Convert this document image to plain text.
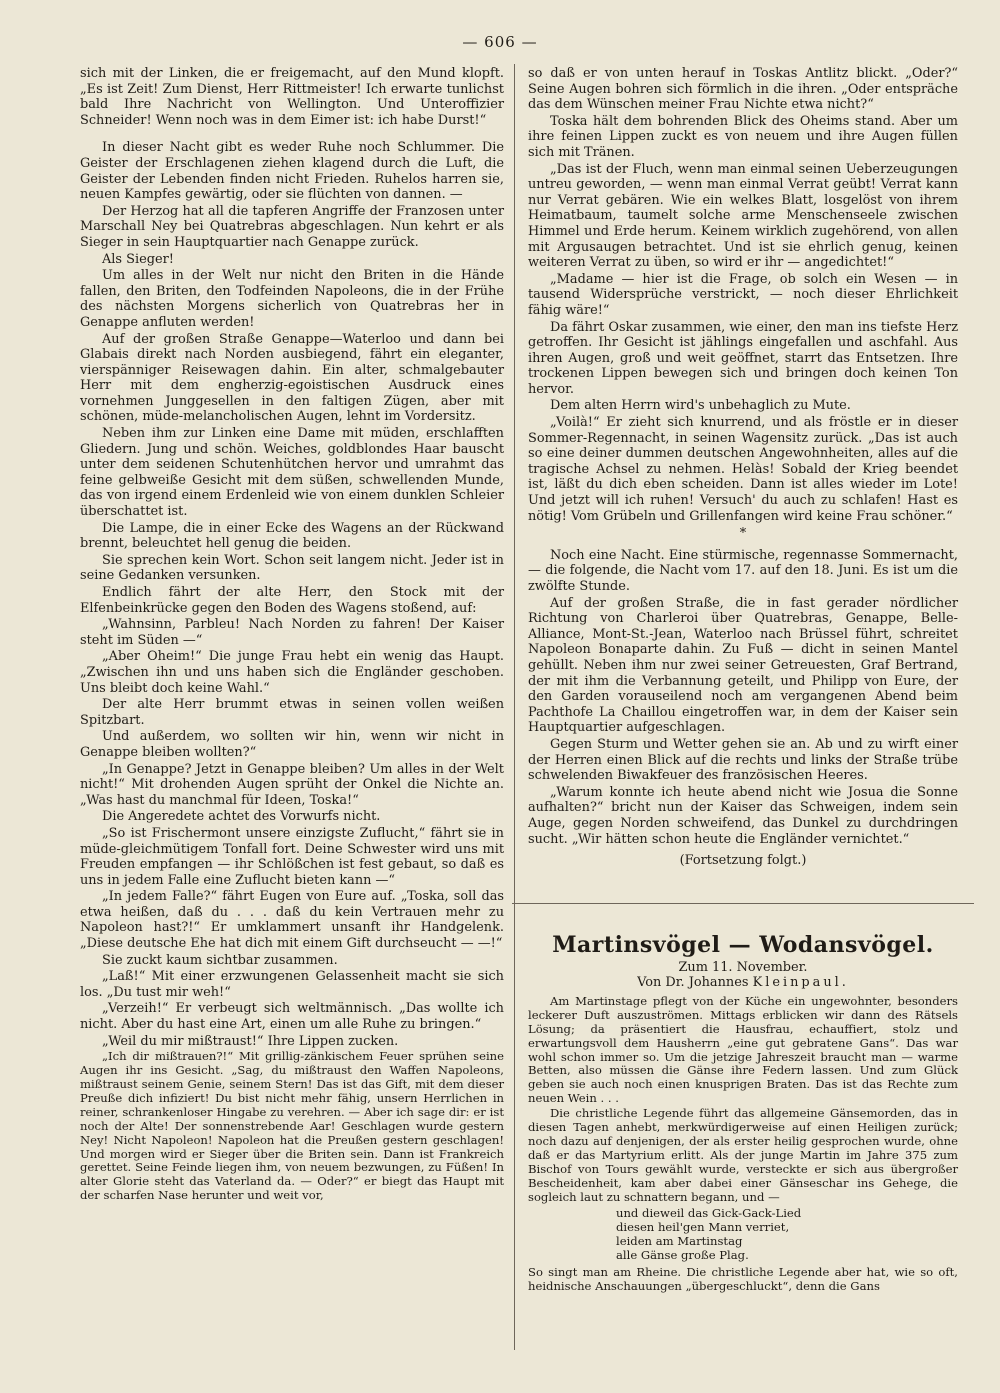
— 606 —

sich mit der Linken, die er freigemacht, auf den Mund klopft. „Es ist Zeit! Zum Dienst, Herr Rittmeister! Ich erwarte tunlichst bald Ihre Nachricht von Wellington. Und Unteroffizier Schneider! Wenn noch was in dem Eimer ist: ich habe Durst!“

In dieser Nacht gibt es weder Ruhe noch Schlummer. Die Geister der Erschlagenen ziehen klagend durch die Luft, die Geister der Lebenden finden nicht Frieden. Ruhelos harren sie, neuen Kampfes gewärtig, oder sie flüchten von dannen. —

Der Herzog hat all die tapferen Angriffe der Franzosen unter Marschall Ney bei Quatrebras abgeschlagen. Nun kehrt er als Sieger in sein Hauptquartier nach Genappe zurück.

Als Sieger!

Um alles in der Welt nur nicht den Briten in die Hände fallen, den Briten, den Todfeinden Napoleons, die in der Frühe des nächsten Morgens sicherlich von Quatrebras her in Genappe anfluten werden!

Auf der großen Straße Genappe—Waterloo und dann bei Glabais direkt nach Norden ausbiegend, fährt ein eleganter, vierspänniger Reisewagen dahin. Ein alter, schmalgebauter Herr mit dem engherzig-egoistischen Ausdruck eines vornehmen Junggesellen in den faltigen Zügen, aber mit schönen, müde-melancholischen Augen, lehnt im Vordersitz.

Neben ihm zur Linken eine Dame mit müden, erschlafften Gliedern. Jung und schön. Weiches, goldblondes Haar bauscht unter dem seidenen Schutenhütchen hervor und umrahmt das feine gelbweiße Gesicht mit dem süßen, schwellenden Munde, das von irgend einem Erdenleid wie von einem dunklen Schleier überschattet ist.

Die Lampe, die in einer Ecke des Wagens an der Rückwand brennt, beleuchtet hell genug die beiden.

Sie sprechen kein Wort. Schon seit langem nicht. Jeder ist in seine Gedanken versunken.

Endlich fährt der alte Herr, den Stock mit der Elfenbeinkrücke gegen den Boden des Wagens stoßend, auf:

„Wahnsinn, Parbleu! Nach Norden zu fahren! Der Kaiser steht im Süden —“

„Aber Oheim!“ Die junge Frau hebt ein wenig das Haupt. „Zwischen ihn und uns haben sich die Engländer geschoben. Uns bleibt doch keine Wahl.“

Der alte Herr brummt etwas in seinen vollen weißen Spitzbart.

Und außerdem, wo sollten wir hin, wenn wir nicht in Genappe bleiben wollten?“

„In Genappe? Jetzt in Genappe bleiben? Um alles in der Welt nicht!“ Mit drohenden Augen sprüht der Onkel die Nichte an. „Was hast du manchmal für Ideen, Toska!“

Die Angeredete achtet des Vorwurfs nicht.

„So ist Frischermont unsere einzigste Zuflucht,“ fährt sie in müde-gleichmütigem Tonfall fort. Deine Schwester wird uns mit Freuden empfangen — ihr Schlößchen ist fest gebaut, so daß es uns in jedem Falle eine Zuflucht bieten kann —“

„In jedem Falle?“ fährt Eugen von Eure auf. „Toska, soll das etwa heißen, daß du . . . daß du kein Vertrauen mehr zu Napoleon hast?!“ Er umklammert unsanft ihr Handgelenk. „Diese deutsche Ehe hat dich mit einem Gift durchseucht — —!“

Sie zuckt kaum sichtbar zusammen.

„Laß!“ Mit einer erzwungenen Gelassenheit macht sie sich los. „Du tust mir weh!“

„Verzeih!“ Er verbeugt sich weltmännisch. „Das wollte ich nicht. Aber du hast eine Art, einen um alle Ruhe zu bringen.“

„Weil du mir mißtraust!“ Ihre Lippen zucken.

„Ich dir mißtrauen?!“ Mit grillig-zänkischem Feuer sprühen seine Augen ihr ins Gesicht. „Sag, du mißtraust den Waffen Napoleons, mißtraust seinem Genie, seinem Stern! Das ist das Gift, mit dem dieser Preuße dich infiziert! Du bist nicht mehr fähig, unsern Herrlichen in reiner, schrankenloser Hingabe zu verehren. — Aber ich sage dir: er ist noch der Alte! Der sonnenstrebende Aar! Geschlagen wurde gestern Ney! Nicht Napoleon! Napoleon hat die Preußen gestern geschlagen! Und morgen wird er Sieger über die Briten sein. Dann ist Frankreich gerettet. Seine Feinde liegen ihm, von neuem bezwungen, zu Füßen! In alter Glorie steht das Vaterland da. — Oder?“ er biegt das Haupt mit der scharfen Nase herunter und weit vor,

so daß er von unten herauf in Toskas Antlitz blickt. „Oder?“ Seine Augen bohren sich förmlich in die ihren. „Oder entspräche das dem Wünschen meiner Frau Nichte etwa nicht?“

Toska hält dem bohrenden Blick des Oheims stand. Aber um ihre feinen Lippen zuckt es von neuem und ihre Augen füllen sich mit Tränen.

„Das ist der Fluch, wenn man einmal seinen Ueberzeugungen untreu geworden, — wenn man einmal Verrat geübt! Verrat kann nur Verrat gebären. Wie ein welkes Blatt, losgelöst von ihrem Heimatbaum, taumelt solche arme Menschenseele zwischen Himmel und Erde herum. Keinem wirklich zugehörend, von allen mit Argusaugen betrachtet. Und ist sie ehrlich genug, keinen weiteren Verrat zu üben, so wird er ihr — angedichtet!“

„Madame — hier ist die Frage, ob solch ein Wesen — in tausend Widersprüche verstrickt, — noch dieser Ehrlichkeit fähig wäre!“

Da fährt Oskar zusammen, wie einer, den man ins tiefste Herz getroffen. Ihr Gesicht ist jählings eingefallen und aschfahl. Aus ihren Augen, groß und weit geöffnet, starrt das Entsetzen. Ihre trockenen Lippen bewegen sich und bringen doch keinen Ton hervor.

Dem alten Herrn wird's unbehaglich zu Mute.

„Voilà!“ Er zieht sich knurrend, und als fröstle er in dieser Sommer-Regennacht, in seinen Wagensitz zurück. „Das ist auch so eine deiner dummen deutschen Angewohnheiten, alles auf die tragische Achsel zu nehmen. Helàs! Sobald der Krieg beendet ist, läßt du dich eben scheiden. Dann ist alles wieder im Lote! Und jetzt will ich ruhen! Versuch' du auch zu schlafen! Hast es nötig! Vom Grübeln und Grillenfangen wird keine Frau schöner.“

*

Noch eine Nacht. Eine stürmische, regennasse Sommernacht, — die folgende, die Nacht vom 17. auf den 18. Juni. Es ist um die zwölfte Stunde.

Auf der großen Straße, die in fast gerader nördlicher Richtung von Charleroi über Quatrebras, Genappe, Belle-Alliance, Mont-St.-Jean, Waterloo nach Brüssel führt, schreitet Napoleon Bonaparte dahin. Zu Fuß — dicht in seinen Mantel gehüllt. Neben ihm nur zwei seiner Getreuesten, Graf Bertrand, der mit ihm die Verbannung geteilt, und Philipp von Eure, der den Garden vorauseilend noch am vergangenen Abend beim Pachthofe La Chaillou eingetroffen war, in dem der Kaiser sein Hauptquartier aufgeschlagen.

Gegen Sturm und Wetter gehen sie an. Ab und zu wirft einer der Herren einen Blick auf die rechts und links der Straße trübe schwelenden Biwakfeuer des französischen Heeres.

„Warum konnte ich heute abend nicht wie Josua die Sonne aufhalten?“ bricht nun der Kaiser das Schweigen, indem sein Auge, gegen Norden schweifend, das Dunkel zu durchdringen sucht. „Wir hätten schon heute die Engländer vernichtet.“

(Fortsetzung folgt.)
Martinsvögel — Wodansvögel.
Zum 11. November.
Von Dr. Johannes Kleinpaul.

Am Martinstage pflegt von der Küche ein ungewohnter, besonders leckerer Duft auszuströmen. Mittags erblicken wir dann des Rätsels Lösung; da präsentiert die Hausfrau, echauffiert, stolz und erwartungsvoll dem Hausherrn „eine gut gebratene Gans“. Das war wohl schon immer so. Um die jetzige Jahreszeit braucht man — warme Betten, also müssen die Gänse ihre Federn lassen. Und zum Glück geben sie auch noch einen knusprigen Braten. Das ist das Rechte zum neuen Wein . . .

Die christliche Legende führt das allgemeine Gänsemorden, das in diesen Tagen anhebt, merkwürdigerweise auf einen Heiligen zurück; noch dazu auf denjenigen, der als erster heilig gesprochen wurde, ohne daß er das Martyrium erlitt. Als der junge Martin im Jahre 375 zum Bischof von Tours gewählt wurde, versteckte er sich aus übergroßer Bescheidenheit, kam aber dabei einer Gänseschar ins Gehege, die sogleich laut zu schnattern begann, und —

und dieweil das Gick-Gack-Lied
diesen heil'gen Mann verriet,
leiden am Martinstag
alle Gänse große Plag.

So singt man am Rheine. Die christliche Legende aber hat, wie so oft, heidnische Anschauungen „übergeschluckt“, denn die Gans
